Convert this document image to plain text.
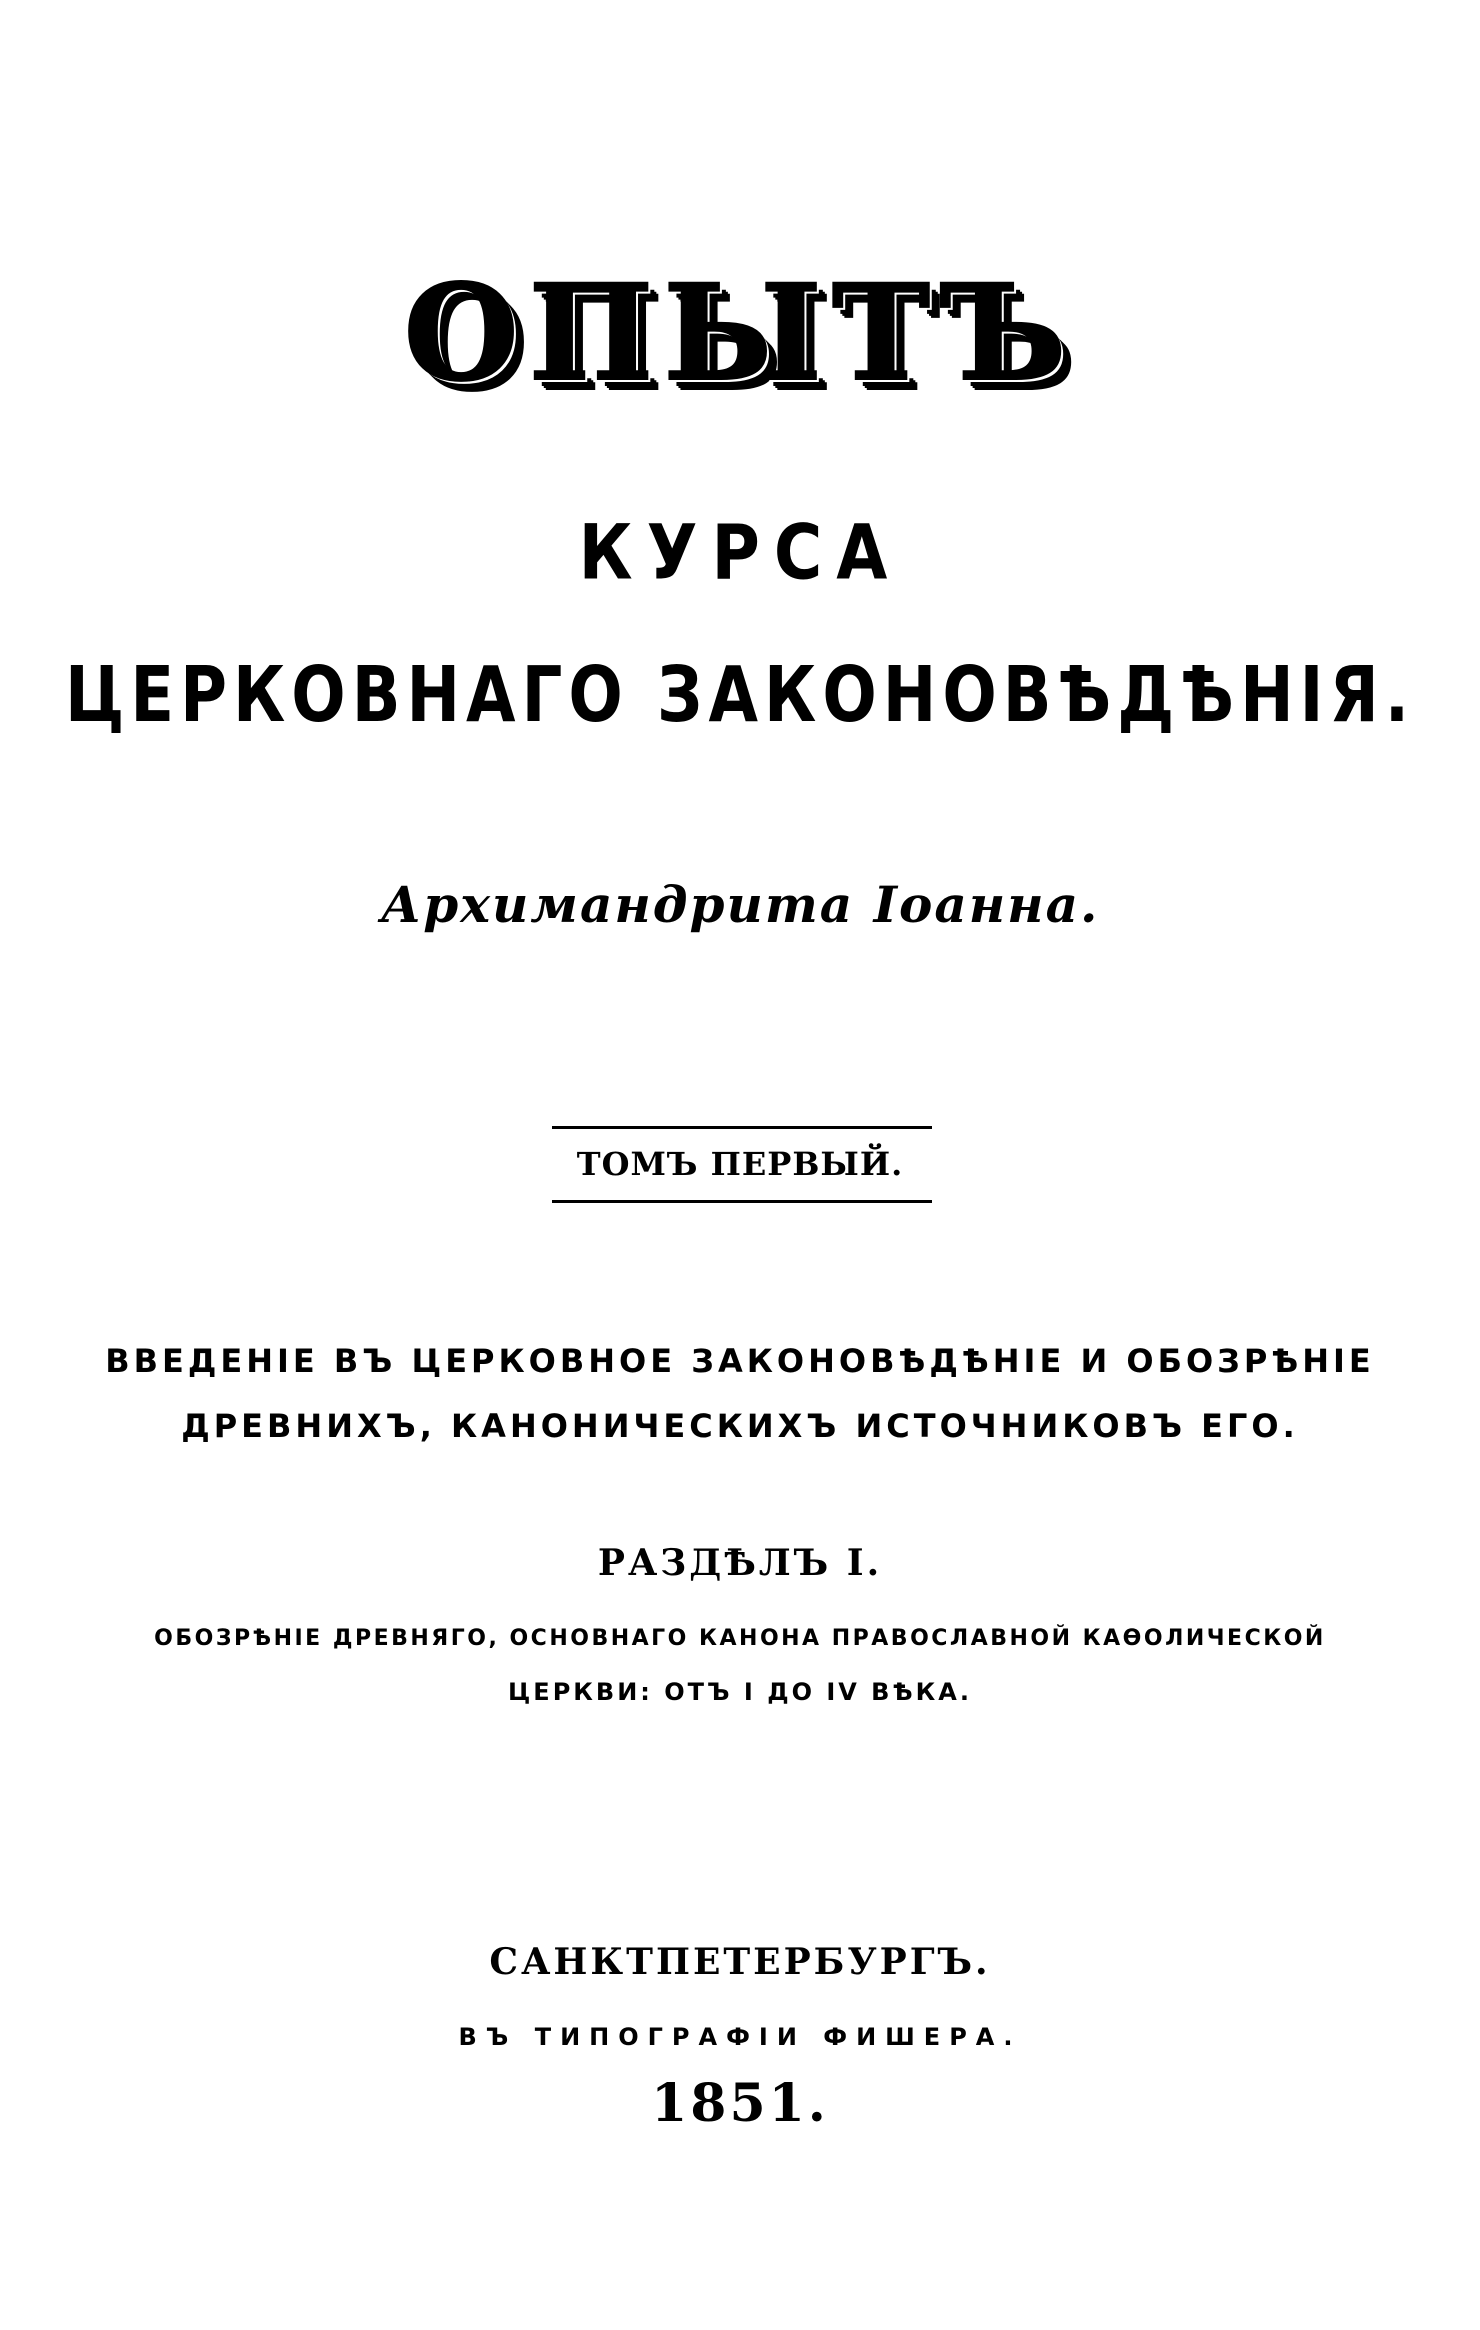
ОПЫТЪ
КУРСА
ЦЕРКОВНАГО ЗАКОНОВѢДѢНІЯ.
Архимандрита Іоанна.
ТОМЪ ПЕРВЫЙ.
ВВЕДЕНІЕ ВЪ ЦЕРКОВНОЕ ЗАКОНОВѢДѢНІЕ И ОБОЗРѢНІЕ
ДРЕВНИХЪ, КАНОНИЧЕСКИХЪ ИСТОЧНИКОВЪ ЕГО.
РАЗДѢЛЪ I.
ОБОЗРѢНІЕ ДРЕВНЯГО, ОСНОВНАГО КАНОНА ПРАВОСЛАВНОЙ КАѲОЛИЧЕСКОЙ
ЦЕРКВИ: ОТЪ I ДО IV ВѢКА.
САНКТПЕТЕРБУРГЪ.
ВЪ ТИПОГРАФІИ ФИШЕРА.
1851.
